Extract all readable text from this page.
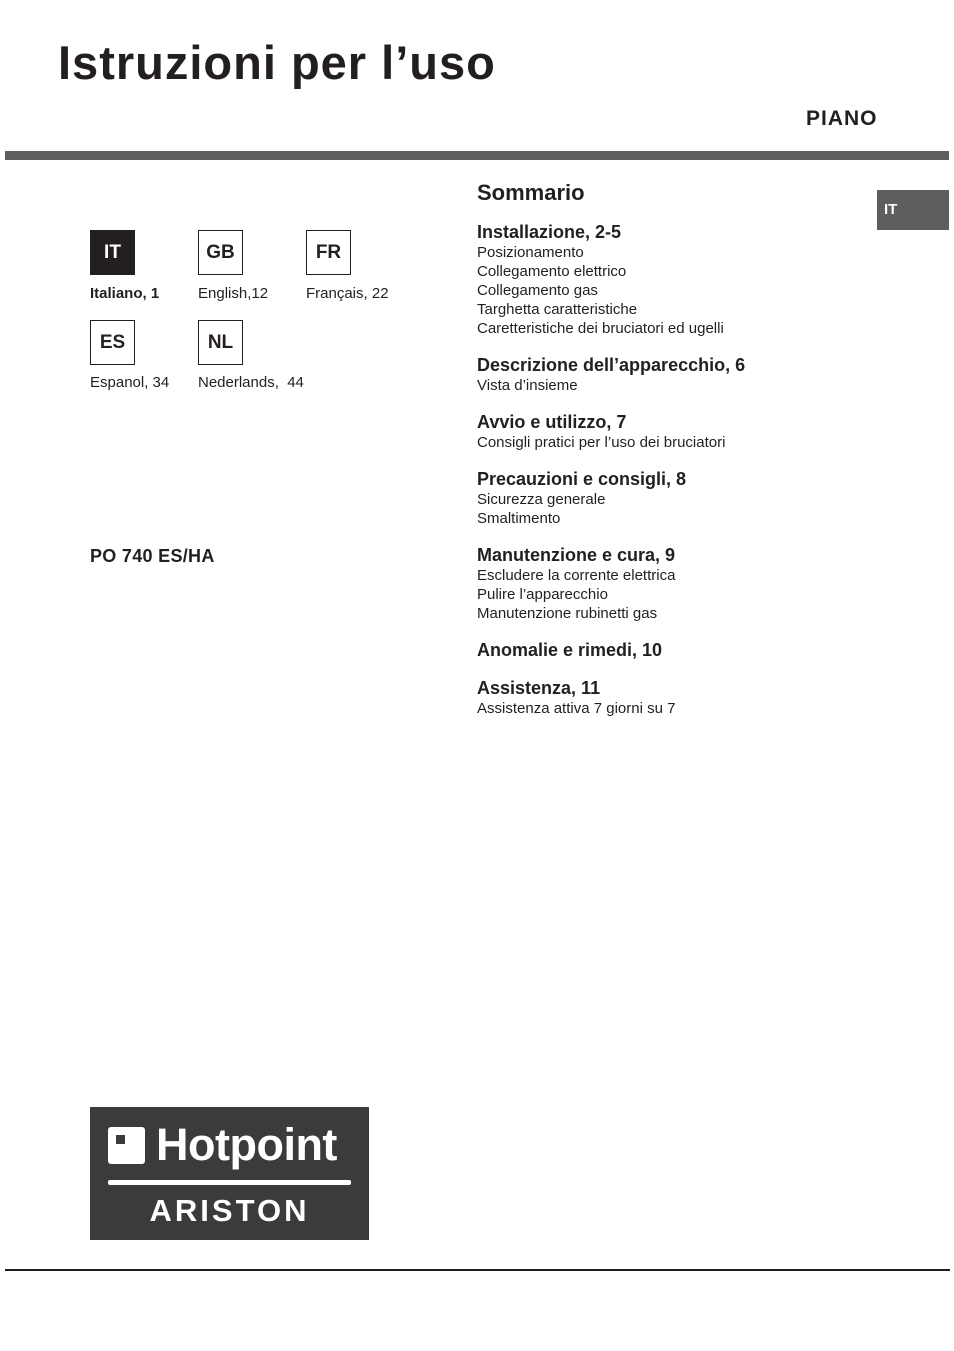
Istruzioni per l’uso
PIANO
IT
IT
Italiano, 1
GB
English,12
FR
Français, 22
ES
Espanol, 34
NL
Nederlands,  44
PO 740 ES/HA
Sommario
Installazione, 2-5
Posizionamento
Collegamento elettrico
Collegamento gas
Targhetta caratteristiche
Caretteristiche dei bruciatori ed ugelli
Descrizione dell’apparecchio, 6
Vista d’insieme
Avvio e utilizzo, 7
Consigli pratici per l’uso dei bruciatori
Precauzioni e consigli, 8
Sicurezza generale
Smaltimento
Manutenzione e cura, 9
Escludere la corrente elettrica
Pulire l’apparecchio
Manutenzione rubinetti gas
Anomalie e rimedi, 10
Assistenza, 11
Assistenza attiva 7 giorni su 7
Hotpoint
ARISTON
